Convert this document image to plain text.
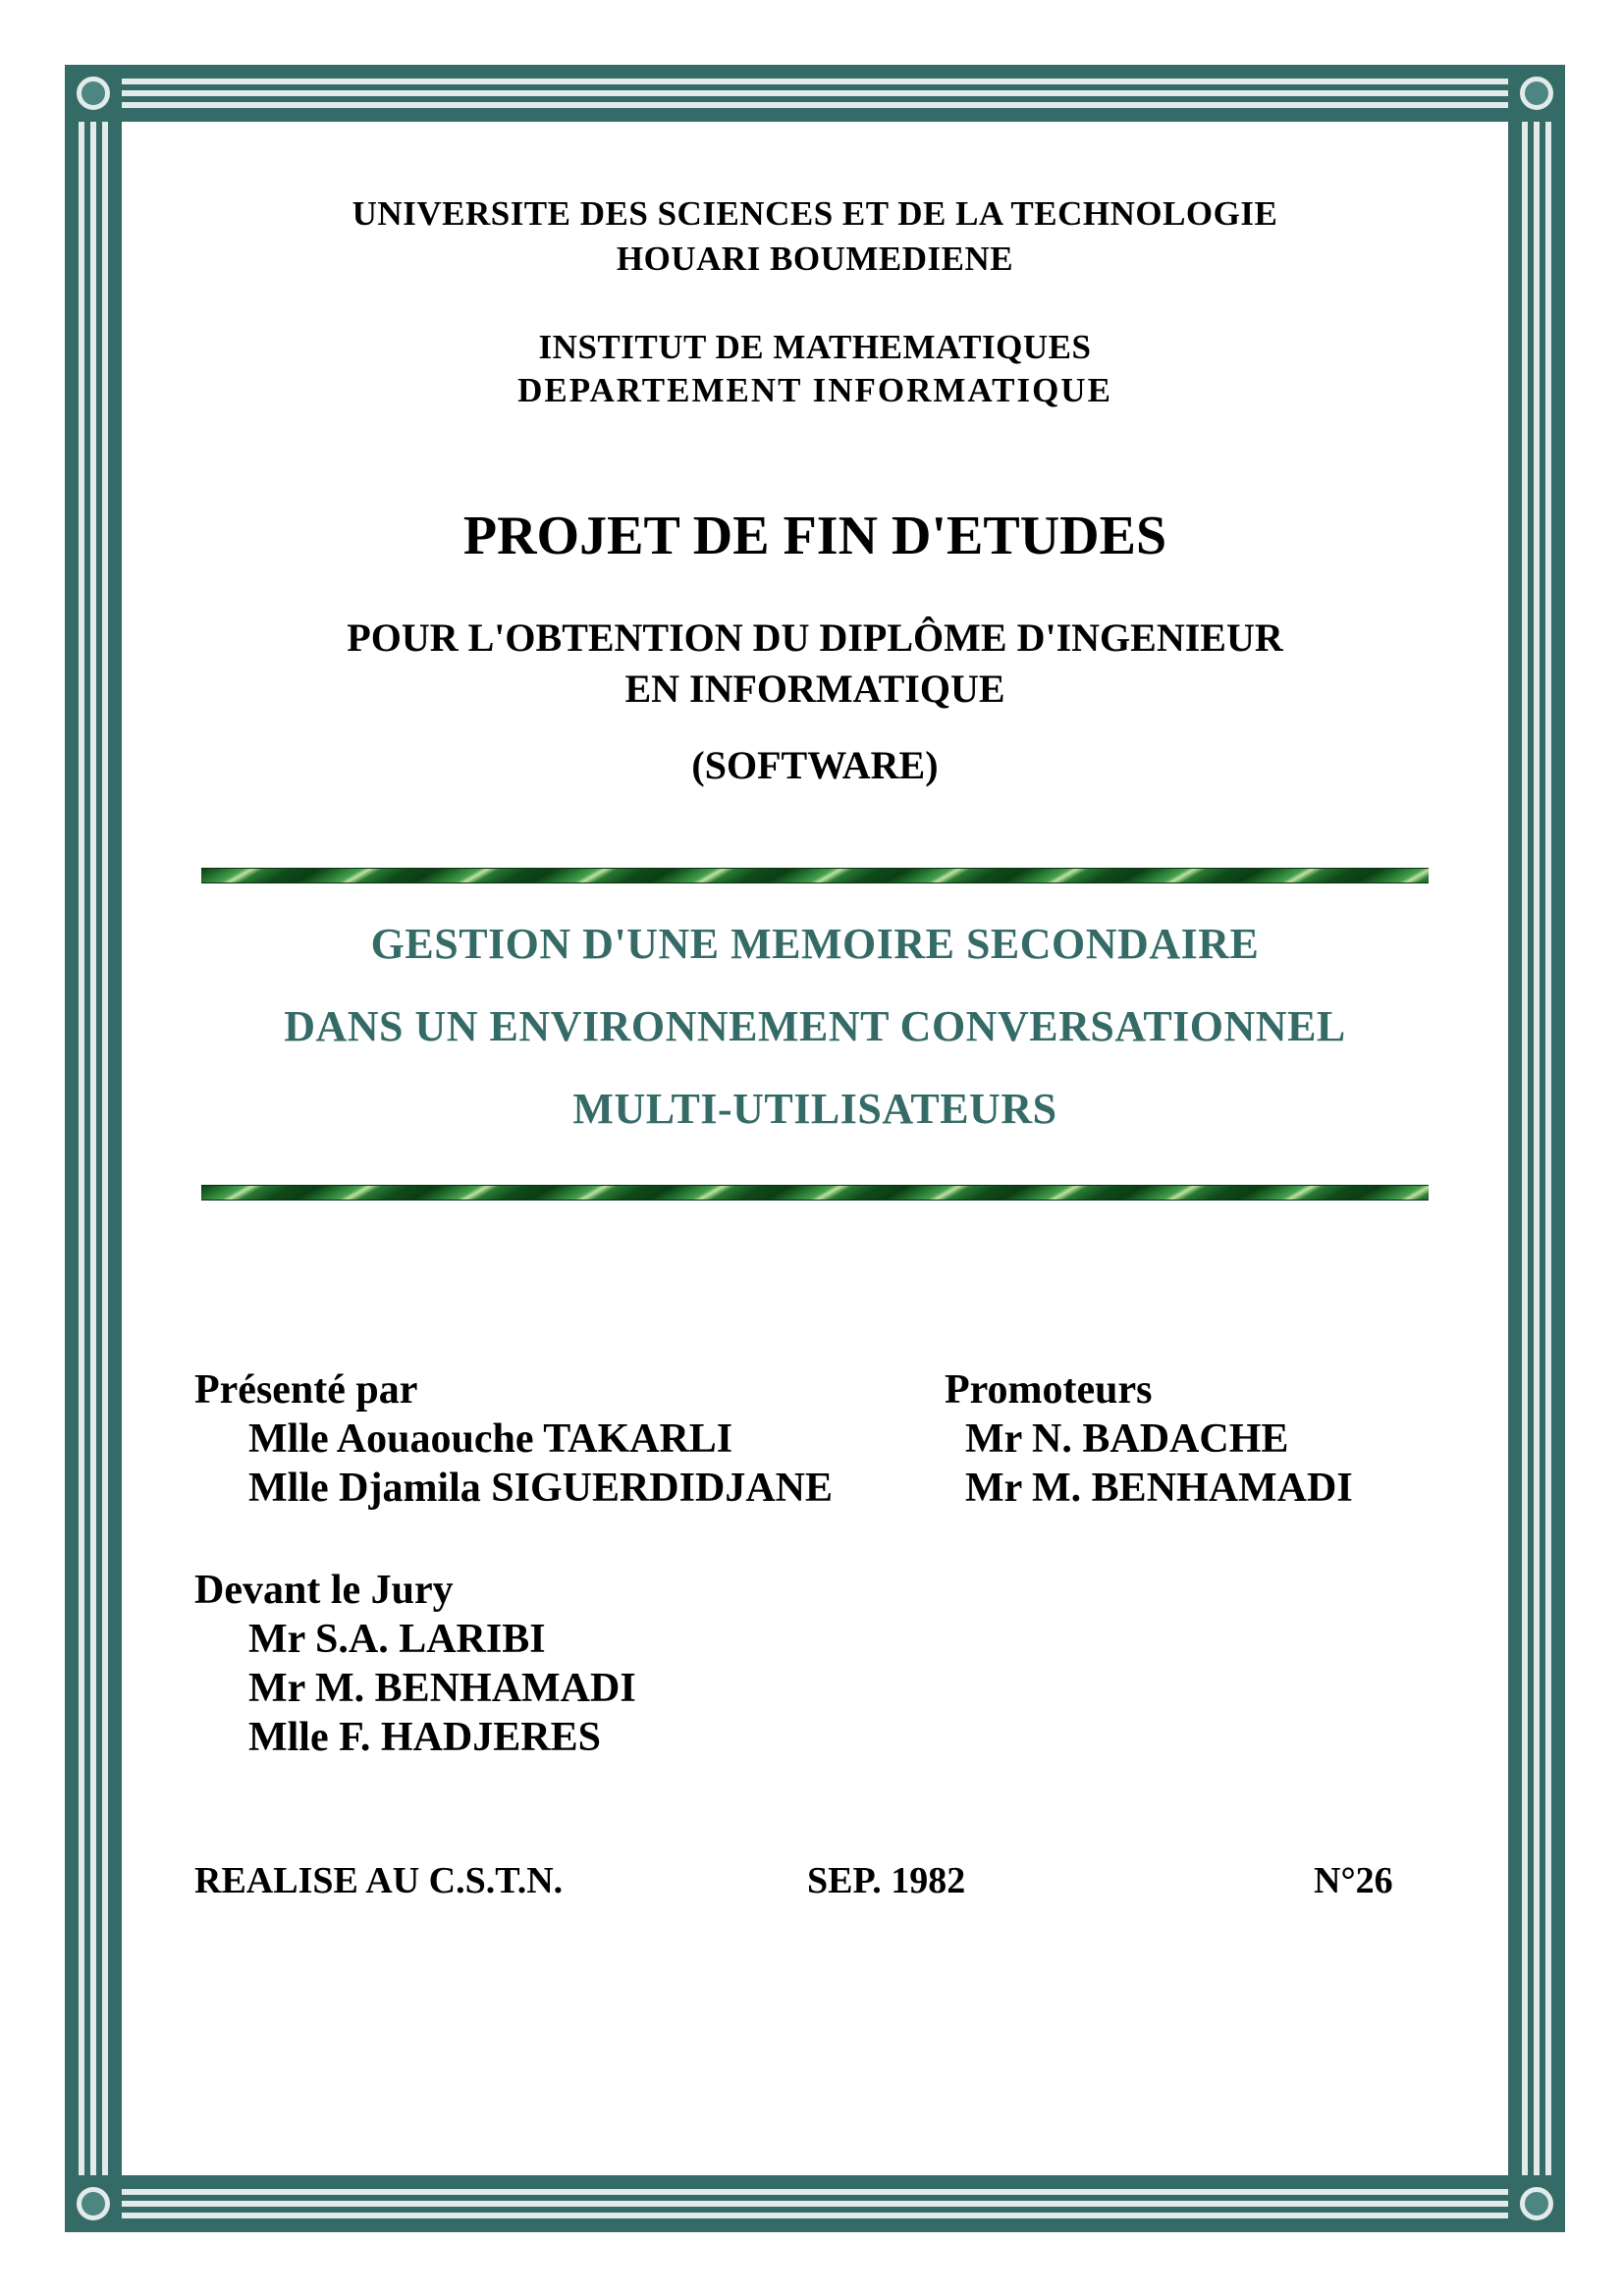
UNIVERSITE DES SCIENCES ET DE LA TECHNOLOGIE
HOUARI BOUMEDIENE
INSTITUT DE MATHEMATIQUES
DEPARTEMENT INFORMATIQUE
PROJET DE FIN D'ETUDES
POUR L'OBTENTION DU DIPLÔME D'INGENIEUR
EN INFORMATIQUE
(SOFTWARE)
GESTION D'UNE MEMOIRE SECONDAIRE
DANS UN ENVIRONNEMENT CONVERSATIONNEL
MULTI-UTILISATEURS
Présenté par
Mlle Aouaouche TAKARLI
Mlle Djamila SIGUERDIDJANE
Promoteurs
Mr N. BADACHE
Mr M. BENHAMADI
Devant le Jury
Mr S.A. LARIBI
Mr M. BENHAMADI
Mlle F. HADJERES
REALISE AU C.S.T.N.	SEP. 1982	N°26
